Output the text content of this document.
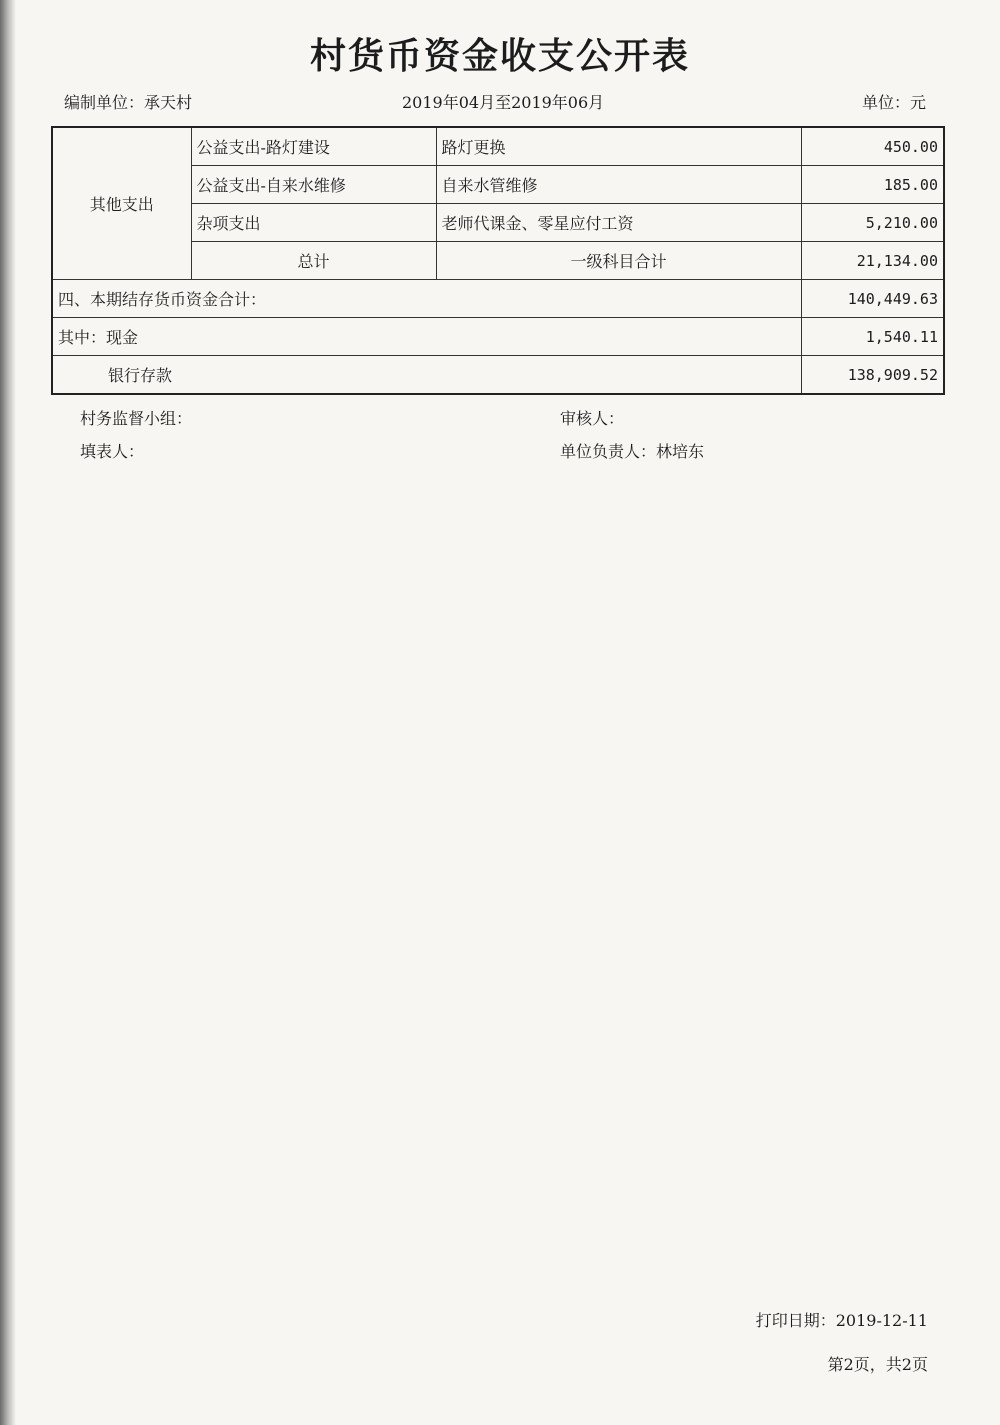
村货币资金收支公开表
编制单位：承天村	2019年04月至2019年06月	单位：元
其他支出	公益支出-路灯建设	路灯更换	450.00
	公益支出-自来水维修	自来水管维修	185.00
	杂项支出	老师代课金、零星应付工资	5,210.00
	总计	一级科目合计	21,134.00
四、本期结存货币资金合计：			140,449.63
其中：现金			1,540.11
银行存款			138,909.52
村务监督小组：	审核人：
填表人：	单位负责人：林培东
打印日期：2019-12-11
第2页，共2页
